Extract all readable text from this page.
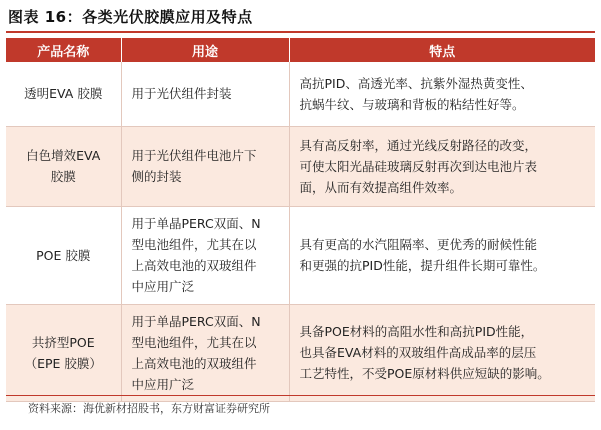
图表 16：各类光伏胶膜应用及特点
产品名称	用途	特点

透明EVA 胶膜	用于光伏组件封装	高抗PID、高透光率、抗紫外湿热黄变性、
抗蜗牛纹、与玻璃和背板的粘结性好等。

白色增效EVA
胶膜	用于光伏组件电池片下
侧的封装	具有高反射率，通过光线反射路径的改变，
可使太阳光晶硅玻璃反射再次到达电池片表
面，从而有效提高组件效率。

POE 胶膜	用于单晶PERC双面、N
型电池组件，尤其在以
上高效电池的双玻组件
中应用广泛	具有更高的水汽阻隔率、更优秀的耐候性能
和更强的抗PID性能，提升组件长期可靠性。

共挤型POE
（EPE 胶膜）	用于单晶PERC双面、N
型电池组件，尤其在以
上高效电池的双玻组件
中应用广泛	具备POE材料的高阻水性和高抗PID性能，
也具备EVA材料的双玻组件高成品率的层压
工艺特性，不受POE原材料供应短缺的影响。
资料来源：海优新材招股书，东方财富证券研究所
